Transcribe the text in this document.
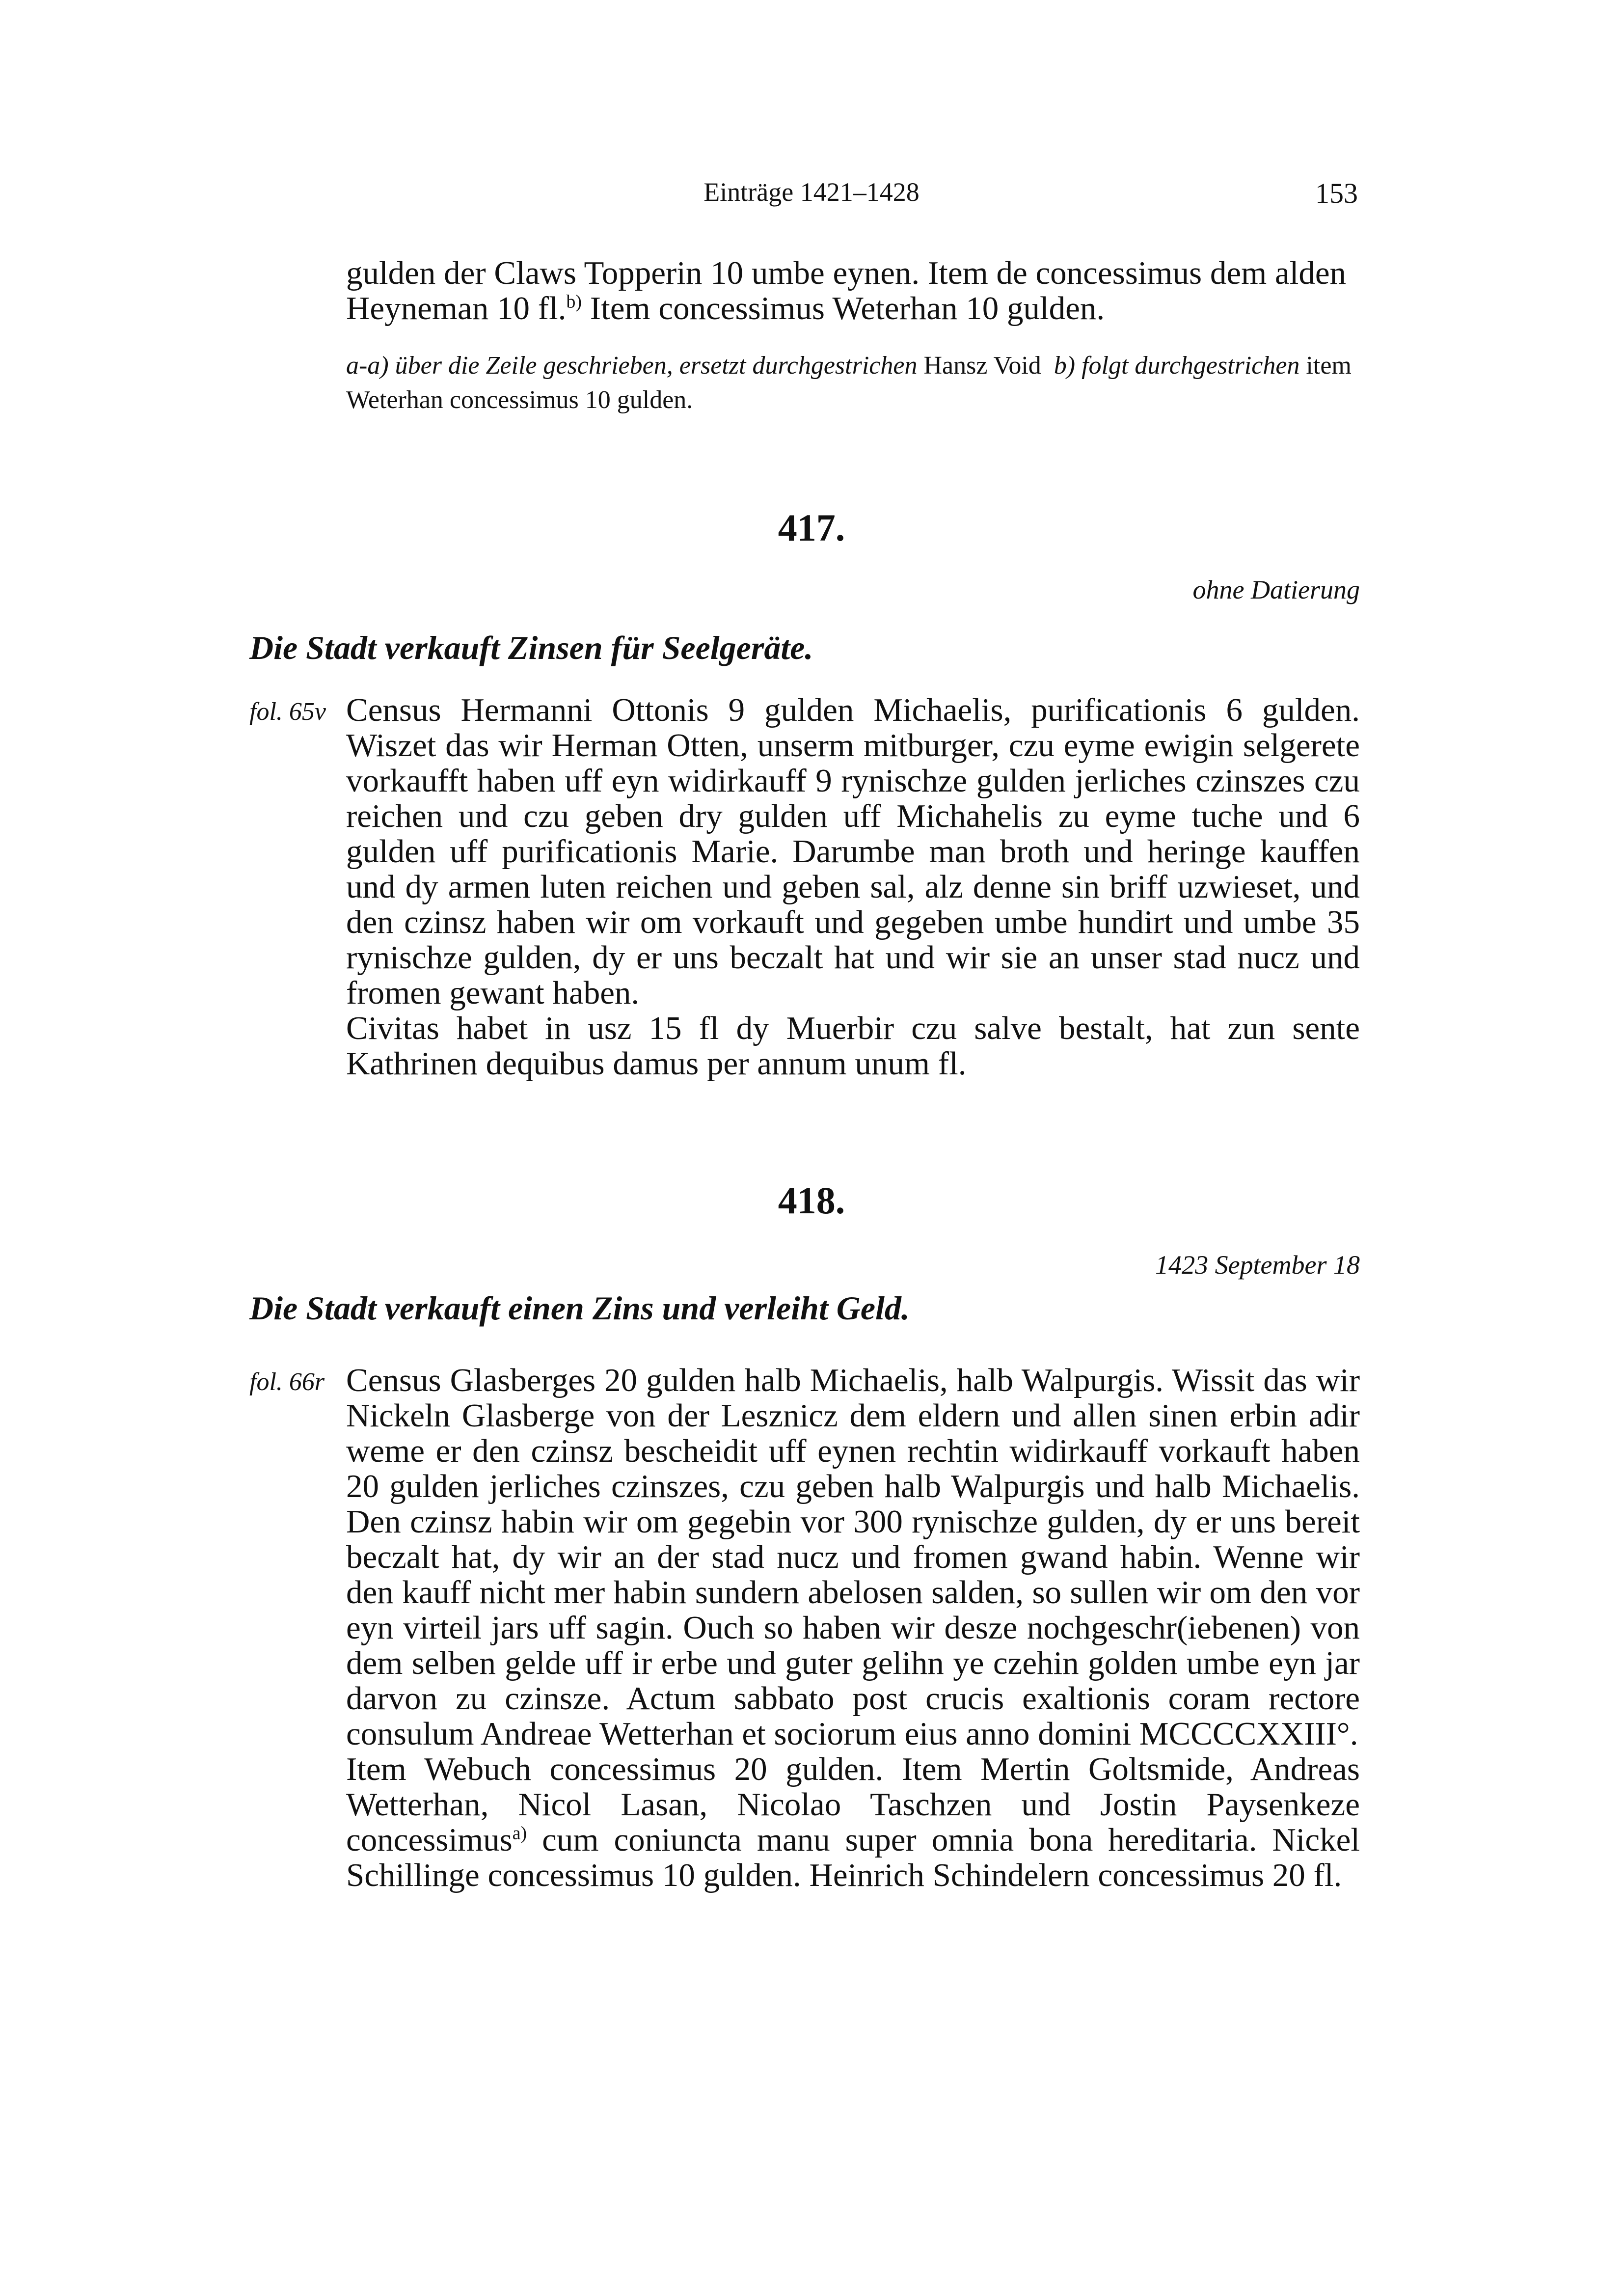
Einträge 1421–1428	153
gulden der Claws Topperin 10 umbe eynen. Item de concessimus dem alden
Heyneman 10 fl.$^{b)}$ Item concessimus Weterhan 10 gulden.
a-a) über die Zeile geschrieben, ersetzt durchgestrichen Hansz Void b) folgt durchgestrichen item Weterhan concessimus 10 gulden.
417.
ohne Datierung
Die Stadt verkauft Zinsen für Seelgeräte.
fol. 65v Census Hermanni Ottonis 9 gulden Michaelis, purificationis 6 gulden. Wiszet das wir Herman Otten, unserm mitburger, czu eyme ewigin selgerete vorkaufft haben uff eyn widirkauff 9 rynischze gulden jerliches czinszes czu reichen und czu geben dry gulden uff Michahelis zu eyme tuche und 6 gulden uff purificationis Marie. Darumbe man broth und heringe kauffen und dy armen luten reichen und geben sal, alz denne sin briff uzwieset, und den czinsz haben wir om vorkauft und gegeben umbe hundirt und umbe 35 rynischze gulden, dy er uns beczalt hat und wir sie an unser stad nucz und fromen gewant haben.

Civitas habet in usz 15 fl dy Muerbir czu salve bestalt, hat zun sente Kathrinen dequibus damus per annum unum fl.

418.
1423 September 18
Die Stadt verkauft einen Zins und verleiht Geld.
fol. 66r Census Glasberges 20 gulden halb Michaelis, halb Walpurgis. Wissit das wir Nickeln Glasberge von der Lesznicz dem eldern und allen sinen erbin adir weme er den czinsz bescheidit uff eynen rechtin widirkauff vorkauft haben 20 gulden jerliches czinszes, czu geben halb Walpurgis und halb Michaelis. Den czinsz habin wir om gegebin vor 300 rynischze gulden, dy er uns bereit beczalt hat, dy wir an der stad nucz und fromen gwand habin. Wenne wir den kauff nicht mer habin sundern abelosen salden, so sullen wir om den vor eyn virteil jars uff sagin. Ouch so haben wir desze nochgeschr(iebenen) von dem selben gelde uff ir erbe und guter gelihn ye czehin golden umbe eyn jar darvon zu czinsze. Actum sabbato post crucis exaltionis coram rectore consulum Andreae Wetterhan et sociorum eius anno domini MCCCCXXIII°.

Item Webuch concessimus 20 gulden. Item Mertin Goltsmide, Andreas Wetterhan, Nicol Lasan, Nicolao Taschzen und Jostin Paysenkeze concessimus$^{a)}$ cum coniuncta manu super omnia bona hereditaria. Nickel Schillinge concessimus 10 gulden. Heinrich Schindelern concessimus 20 fl.
